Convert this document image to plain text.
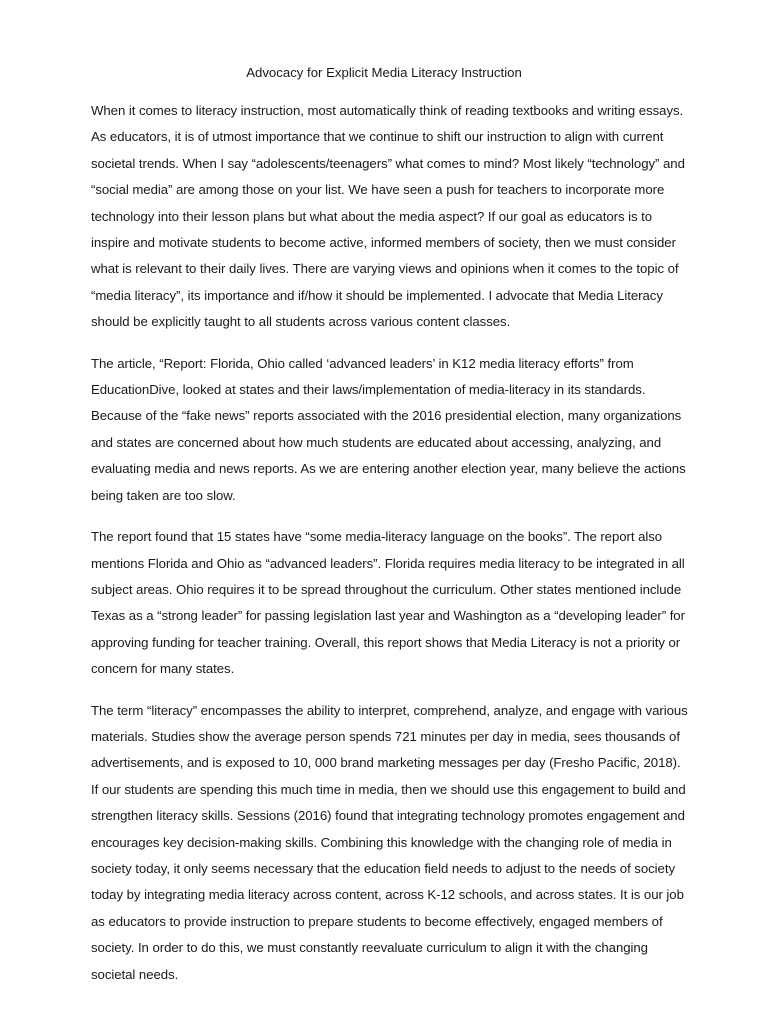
Advocacy for Explicit Media Literacy Instruction

When it comes to literacy instruction, most automatically think of reading textbooks and writing essays. As educators, it is of utmost importance that we continue to shift our instruction to align with current societal trends. When I say “adolescents/teenagers” what comes to mind? Most likely “technology” and “social media” are among those on your list. We have seen a push for teachers to incorporate more technology into their lesson plans but what about the media aspect? If our goal as educators is to inspire and motivate students to become active, informed members of society, then we must consider what is relevant to their daily lives. There are varying views and opinions when it comes to the topic of “media literacy”, its importance and if/how it should be implemented. I advocate that Media Literacy should be explicitly taught to all students across various content classes.

The article, “Report: Florida, Ohio called ‘advanced leaders’ in K12 media literacy efforts” from EducationDive, looked at states and their laws/implementation of media-literacy in its standards. Because of the “fake news” reports associated with the 2016 presidential election, many organizations and states are concerned about how much students are educated about accessing, analyzing, and evaluating media and news reports. As we are entering another election year, many believe the actions being taken are too slow.

The report found that 15 states have “some media-literacy language on the books”. The report also mentions Florida and Ohio as “advanced leaders”. Florida requires media literacy to be integrated in all subject areas. Ohio requires it to be spread throughout the curriculum. Other states mentioned include Texas as a “strong leader” for passing legislation last year and Washington as a “developing leader” for approving funding for teacher training. Overall, this report shows that Media Literacy is not a priority or concern for many states.

The term “literacy” encompasses the ability to interpret, comprehend, analyze, and engage with various materials. Studies show the average person spends 721 minutes per day in media, sees thousands of advertisements, and is exposed to 10, 000 brand marketing messages per day (Fresho Pacific, 2018). If our students are spending this much time in media, then we should use this engagement to build and strengthen literacy skills. Sessions (2016) found that integrating technology promotes engagement and encourages key decision-making skills. Combining this knowledge with the changing role of media in society today, it only seems necessary that the education field needs to adjust to the needs of society today by integrating media literacy across content, across K-12 schools, and across states. It is our job as educators to provide instruction to prepare students to become effectively, engaged members of society. In order to do this, we must constantly reevaluate curriculum to align it with the changing societal needs.
